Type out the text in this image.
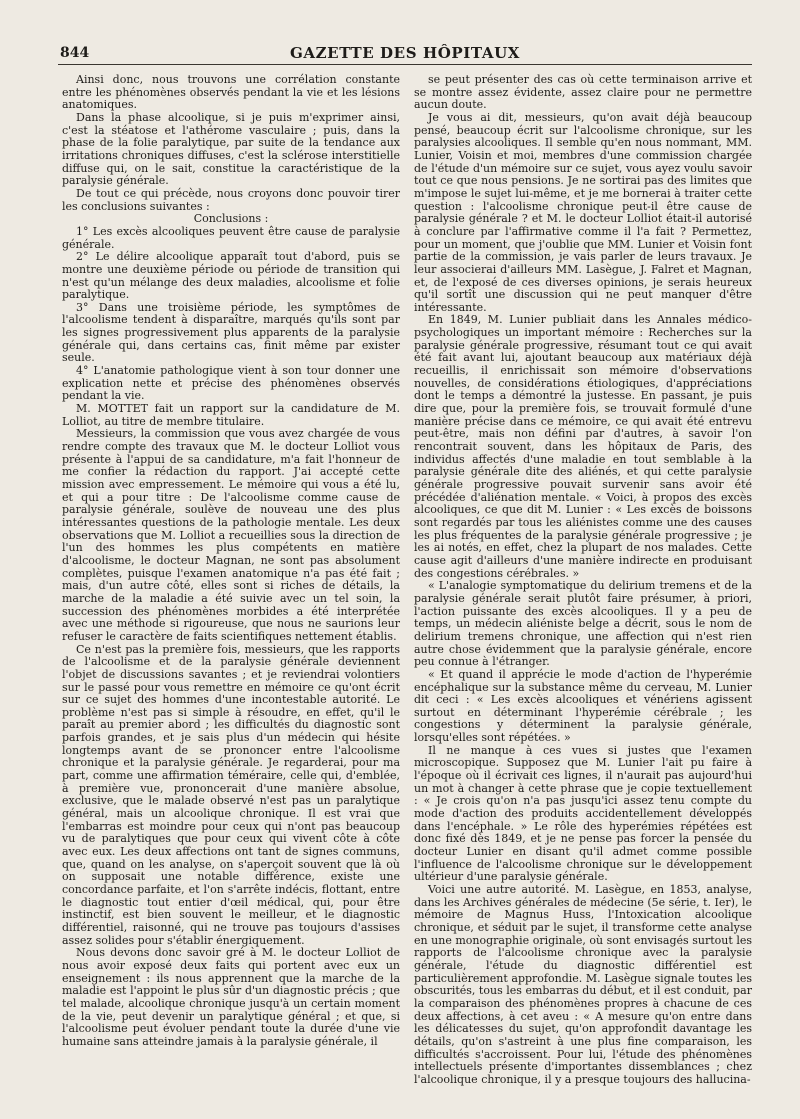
844	GAZETTE DES HÔPITAUX

Ainsi donc, nous trouvons une corrélation constante entre les phénomènes observés pendant la vie et les lésions anatomiques.

Dans la phase alcoolique, si je puis m'exprimer ainsi, c'est la stéatose et l'athérome vasculaire ; puis, dans la phase de la folie paralytique, par suite de la tendance aux irritations chroniques diffuses, c'est la sclérose interstitielle diffuse qui, on le sait, constitue la caractéristique de la paralysie générale.

De tout ce qui précède, nous croyons donc pouvoir tirer les conclusions suivantes :

Conclusions :

1° Les excès alcooliques peuvent être cause de paralysie générale.

2° Le délire alcoolique apparaît tout d'abord, puis se montre une deuxième période ou période de transition qui n'est qu'un mélange des deux maladies, alcoolisme et folie paralytique.

3° Dans une troisième période, les symptômes de l'alcoolisme tendent à disparaître, marqués qu'ils sont par les signes progressivement plus apparents de la paralysie générale qui, dans certains cas, finit même par exister seule.

4° L'anatomie pathologique vient à son tour donner une explication nette et précise des phénomènes observés pendant la vie.

M. MOTTET fait un rapport sur la candidature de M. Lolliot, au titre de membre titulaire.

Messieurs, la commission que vous avez chargée de vous rendre compte des travaux que M. le docteur Lolliot vous présente à l'appui de sa candidature, m'a fait l'honneur de me confier la rédaction du rapport. J'ai accepté cette mission avec empressement. Le mémoire qui vous a été lu, et qui a pour titre : De l'alcoolisme comme cause de paralysie générale, soulève de nouveau une des plus intéressantes questions de la pathologie mentale. Les deux observations que M. Lolliot a recueillies sous la direction de l'un des hommes les plus compétents en matière d'alcoolisme, le docteur Magnan, ne sont pas absolument complètes, puisque l'examen anatomique n'a pas été fait ; mais, d'un autre côté, elles sont si riches de détails, la marche de la maladie a été suivie avec un tel soin, la succession des phénomènes morbides a été interprétée avec une méthode si rigoureuse, que nous ne saurions leur refuser le caractère de faits scientifiques nettement établis.

Ce n'est pas la première fois, messieurs, que les rapports de l'alcoolisme et de la paralysie générale deviennent l'objet de discussions savantes ; et je reviendrai volontiers sur le passé pour vous remettre en mémoire ce qu'ont écrit sur ce sujet des hommes d'une incontestable autorité. Le problème n'est pas si simple à résoudre, en effet, qu'il le paraît au premier abord ; les difficultés du diagnostic sont parfois grandes, et je sais plus d'un médecin qui hésite longtemps avant de se prononcer entre l'alcoolisme chronique et la paralysie générale. Je regarderai, pour ma part, comme une affirmation téméraire, celle qui, d'emblée, à première vue, prononcerait d'une manière absolue, exclusive, que le malade observé n'est pas un paralytique général, mais un alcoolique chronique. Il est vrai que l'embarras est moindre pour ceux qui n'ont pas beaucoup vu de paralytiques que pour ceux qui vivent côte à côte avec eux. Les deux affections ont tant de signes communs, que, quand on les analyse, on s'aperçoit souvent que là où on supposait une notable différence, existe une concordance parfaite, et l'on s'arrête indécis, flottant, entre le diagnostic tout entier d'œil médical, qui, pour être instinctif, est bien souvent le meilleur, et le diagnostic différentiel, raisonné, qui ne trouve pas toujours d'assises assez solides pour s'établir énergiquement.

Nous devons donc savoir gré à M. le docteur Lolliot de nous avoir exposé deux faits qui portent avec eux un enseignement : ils nous apprennent que la marche de la maladie est l'appoint le plus sûr d'un diagnostic précis ; que tel malade, alcoolique chronique jusqu'à un certain moment de la vie, peut devenir un paralytique général ; et que, si l'alcoolisme peut évoluer pendant toute la durée d'une vie humaine sans atteindre jamais à la paralysie générale, il

se peut présenter des cas où cette terminaison arrive et se montre assez évidente, assez claire pour ne permettre aucun doute.

Je vous ai dit, messieurs, qu'on avait déjà beaucoup pensé, beaucoup écrit sur l'alcoolisme chronique, sur les paralysies alcooliques. Il semble qu'en nous nommant, MM. Lunier, Voisin et moi, membres d'une commission chargée de l'étude d'un mémoire sur ce sujet, vous ayez voulu savoir tout ce que nous pensions. Je ne sortirai pas des limites que m'impose le sujet lui-même, et je me bornerai à traiter cette question : l'alcoolisme chronique peut-il être cause de paralysie générale ? et M. le docteur Lolliot était-il autorisé à conclure par l'affirmative comme il l'a fait ? Permettez, pour un moment, que j'oublie que MM. Lunier et Voisin font partie de la commission, je vais parler de leurs travaux. Je leur associerai d'ailleurs MM. Lasègue, J. Falret et Magnan, et, de l'exposé de ces diverses opinions, je serais heureux qu'il sortît une discussion qui ne peut manquer d'être intéressante.

En 1849, M. Lunier publiait dans les Annales médico-psychologiques un important mémoire : Recherches sur la paralysie générale progressive, résumant tout ce qui avait été fait avant lui, ajoutant beaucoup aux matériaux déjà recueillis, il enrichissait son mémoire d'observations nouvelles, de considérations étiologiques, d'appréciations dont le temps a démontré la justesse. En passant, je puis dire que, pour la première fois, se trouvait formulé d'une manière précise dans ce mémoire, ce qui avait été entrevu peut-être, mais non défini par d'autres, à savoir l'on rencontrait souvent, dans les hôpitaux de Paris, des individus affectés d'une maladie en tout semblable à la paralysie générale dite des aliénés, et qui cette paralysie générale progressive pouvait survenir sans avoir été précédée d'aliénation mentale. « Voici, à propos des excès alcooliques, ce que dit M. Lunier : « Les excès de boissons sont regardés par tous les aliénistes comme une des causes les plus fréquentes de la paralysie générale progressive ; je les ai notés, en effet, chez la plupart de nos malades. Cette cause agit d'ailleurs d'une manière indirecte en produisant des congestions cérébrales. »

« L'analogie symptomatique du delirium tremens et de la paralysie générale serait plutôt faire présumer, à priori, l'action puissante des excès alcooliques. Il y a peu de temps, un médecin aliéniste belge a décrit, sous le nom de delirium tremens chronique, une affection qui n'est rien autre chose évidemment que la paralysie générale, encore peu connue à l'étranger.

« Et quand il apprécie le mode d'action de l'hyperémie encéphalique sur la substance même du cerveau, M. Lunier dit ceci : « Les excès alcooliques et vénériens agissent surtout en déterminant l'hyperémie cérébrale ; les congestions y déterminent la paralysie générale, lorsqu'elles sont répétées. »

Il ne manque à ces vues si justes que l'examen microscopique. Supposez que M. Lunier l'ait pu faire à l'époque où il écrivait ces lignes, il n'aurait pas aujourd'hui un mot à changer à cette phrase que je copie textuellement : « Je crois qu'on n'a pas jusqu'ici assez tenu compte du mode d'action des produits accidentellement développés dans l'encéphale. » Le rôle des hyperémies répétées est donc fixé dès 1849, et je ne pense pas forcer la pensée du docteur Lunier en disant qu'il admet comme possible l'influence de l'alcoolisme chronique sur le développement ultérieur d'une paralysie générale.

Voici une autre autorité. M. Lasègue, en 1853, analyse, dans les Archives générales de médecine (5e série, t. Ier), le mémoire de Magnus Huss, l'Intoxication alcoolique chronique, et séduit par le sujet, il transforme cette analyse en une monographie originale, où sont envisagés surtout les rapports de l'alcoolisme chronique avec la paralysie générale, l'étude du diagnostic différentiel est particulièrement approfondie. M. Lasègue signale toutes les obscurités, tous les embarras du début, et il est conduit, par la comparaison des phénomènes propres à chacune de ces deux affections, à cet aveu : « A mesure qu'on entre dans les délicatesses du sujet, qu'on approfondit davantage les détails, qu'on s'astreint à une plus fine comparaison, les difficultés s'accroissent. Pour lui, l'étude des phénomènes intellectuels présente d'importantes dissemblances ; chez l'alcoolique chronique, il y a presque toujours des hallucina-
